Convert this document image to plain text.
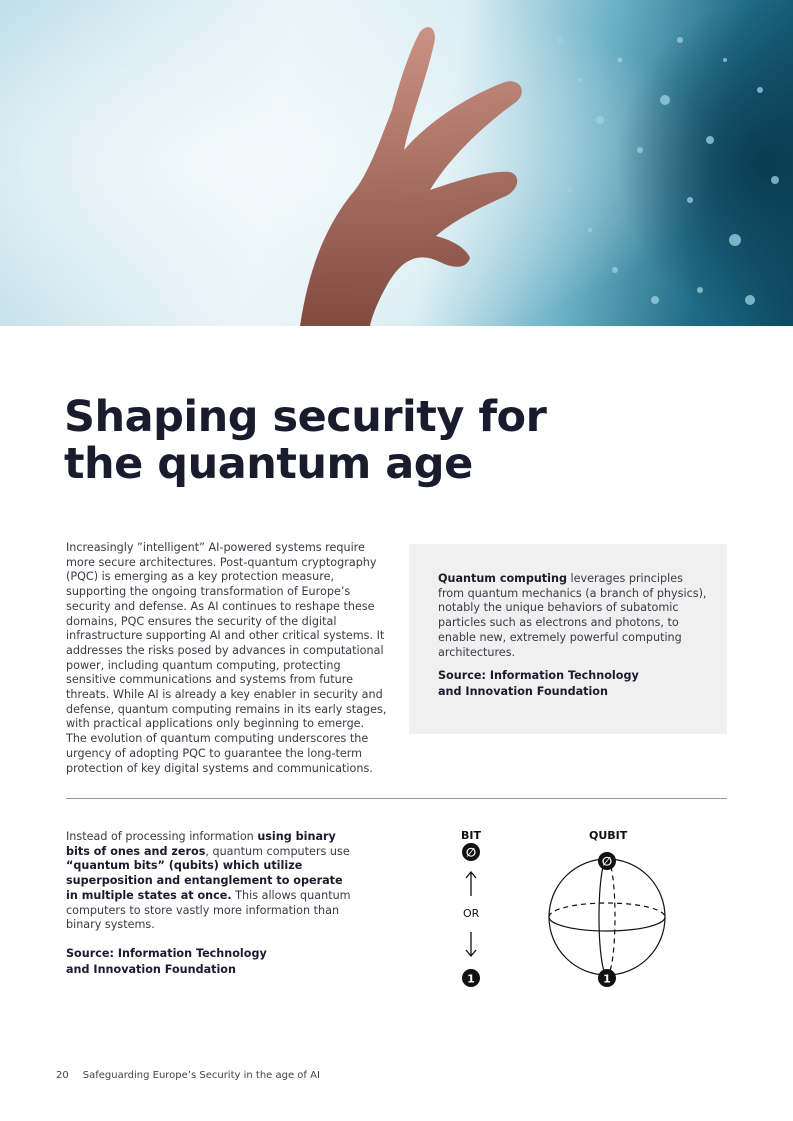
Shaping security for
the quantum age

Increasingly ”intelligent” AI-powered systems require more secure architectures. Post-quantum cryptography (PQC) is emerging as a key protection measure, supporting the ongoing transformation of Europe’s security and defense. As AI continues to reshape these domains, PQC ensures the security of the digital infrastructure supporting AI and other critical systems. It addresses the risks posed by advances in computational power, including quantum computing, protecting sensitive communications and systems from future threats. While AI is already a key enabler in security and defense, quantum computing remains in its early stages, with practical applications only beginning to emerge. The evolution of quantum computing underscores the urgency of adopting PQC to guarantee the long-term protection of key digital systems and communications.

Quantum computing leverages principles from quantum mechanics (a branch of physics), notably the unique behaviors of subatomic particles such as electrons and photons, to enable new, extremely powerful computing architectures.

Source: Information Technology
and Innovation Foundation

Instead of processing information using binary bits of ones and zeros, quantum computers use “quantum bits” (qubits) which utilize superposition and entanglement to operate in multiple states at once. This allows quantum computers to store vastly more information than binary systems.

Source: Information Technology
and Innovation Foundation

BIT	QUBIT
OR
∅
1
∅
1
20 Safeguarding Europe’s Security in the age of AI
